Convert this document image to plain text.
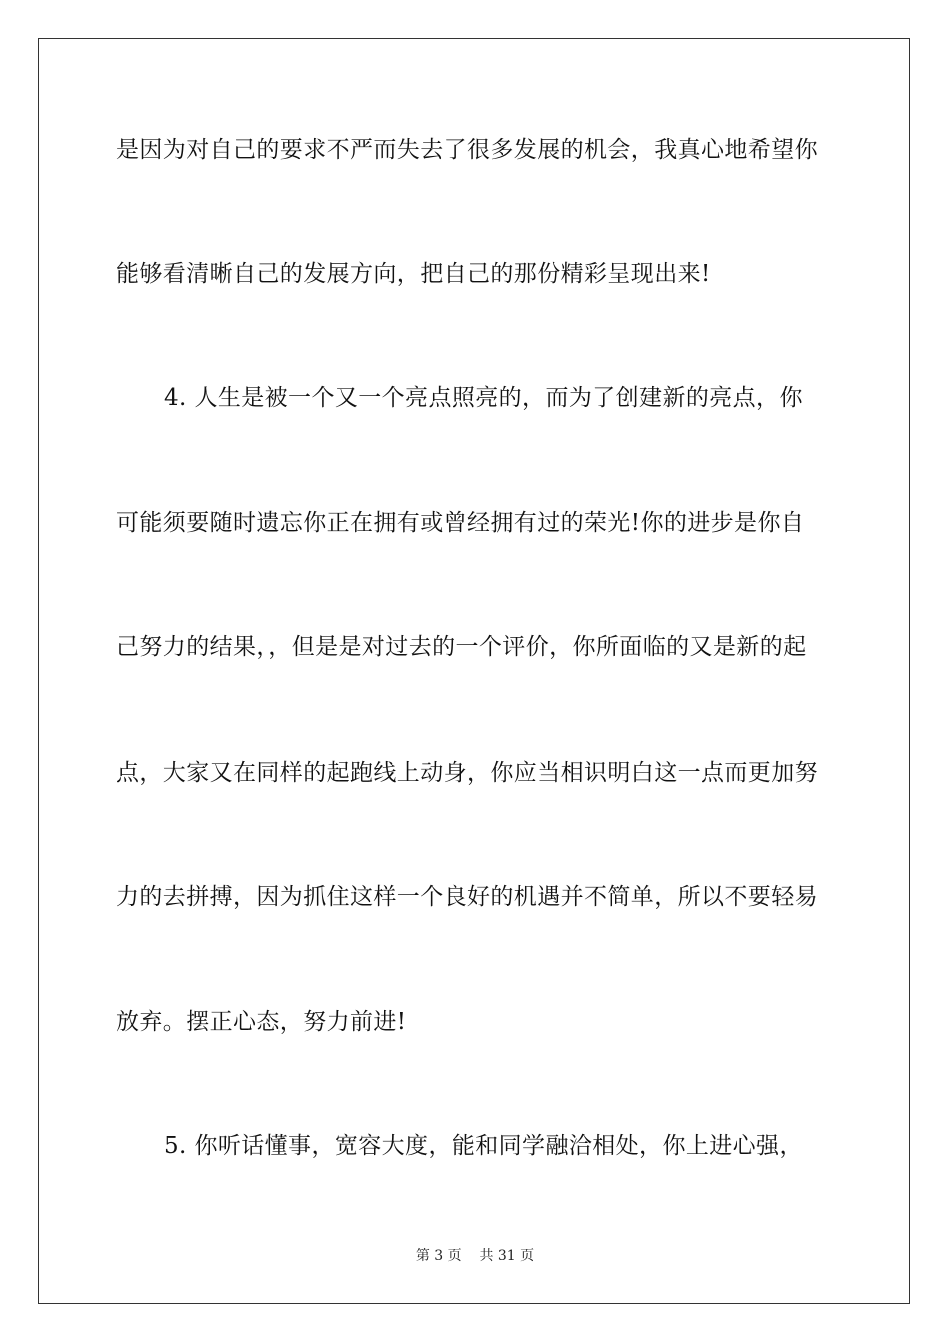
是因为对自己的要求不严而失去了很多发展的机会，我真心地希望你
能够看清晰自己的发展方向，把自己的那份精彩呈现出来!
4. 人生是被一个又一个亮点照亮的，而为了创建新的亮点，你
可能须要随时遗忘你正在拥有或曾经拥有过的荣光!你的进步是你自
己努力的结果，，但是是对过去的一个评价，你所面临的又是新的起
点，大家又在同样的起跑线上动身，你应当相识明白这一点而更加努
力的去拼搏，因为抓住这样一个良好的机遇并不简单，所以不要轻易
放弃。摆正心态，努力前进!
5. 你听话懂事，宽容大度，能和同学融洽相处，你上进心强，
第 3 页 共 31 页
